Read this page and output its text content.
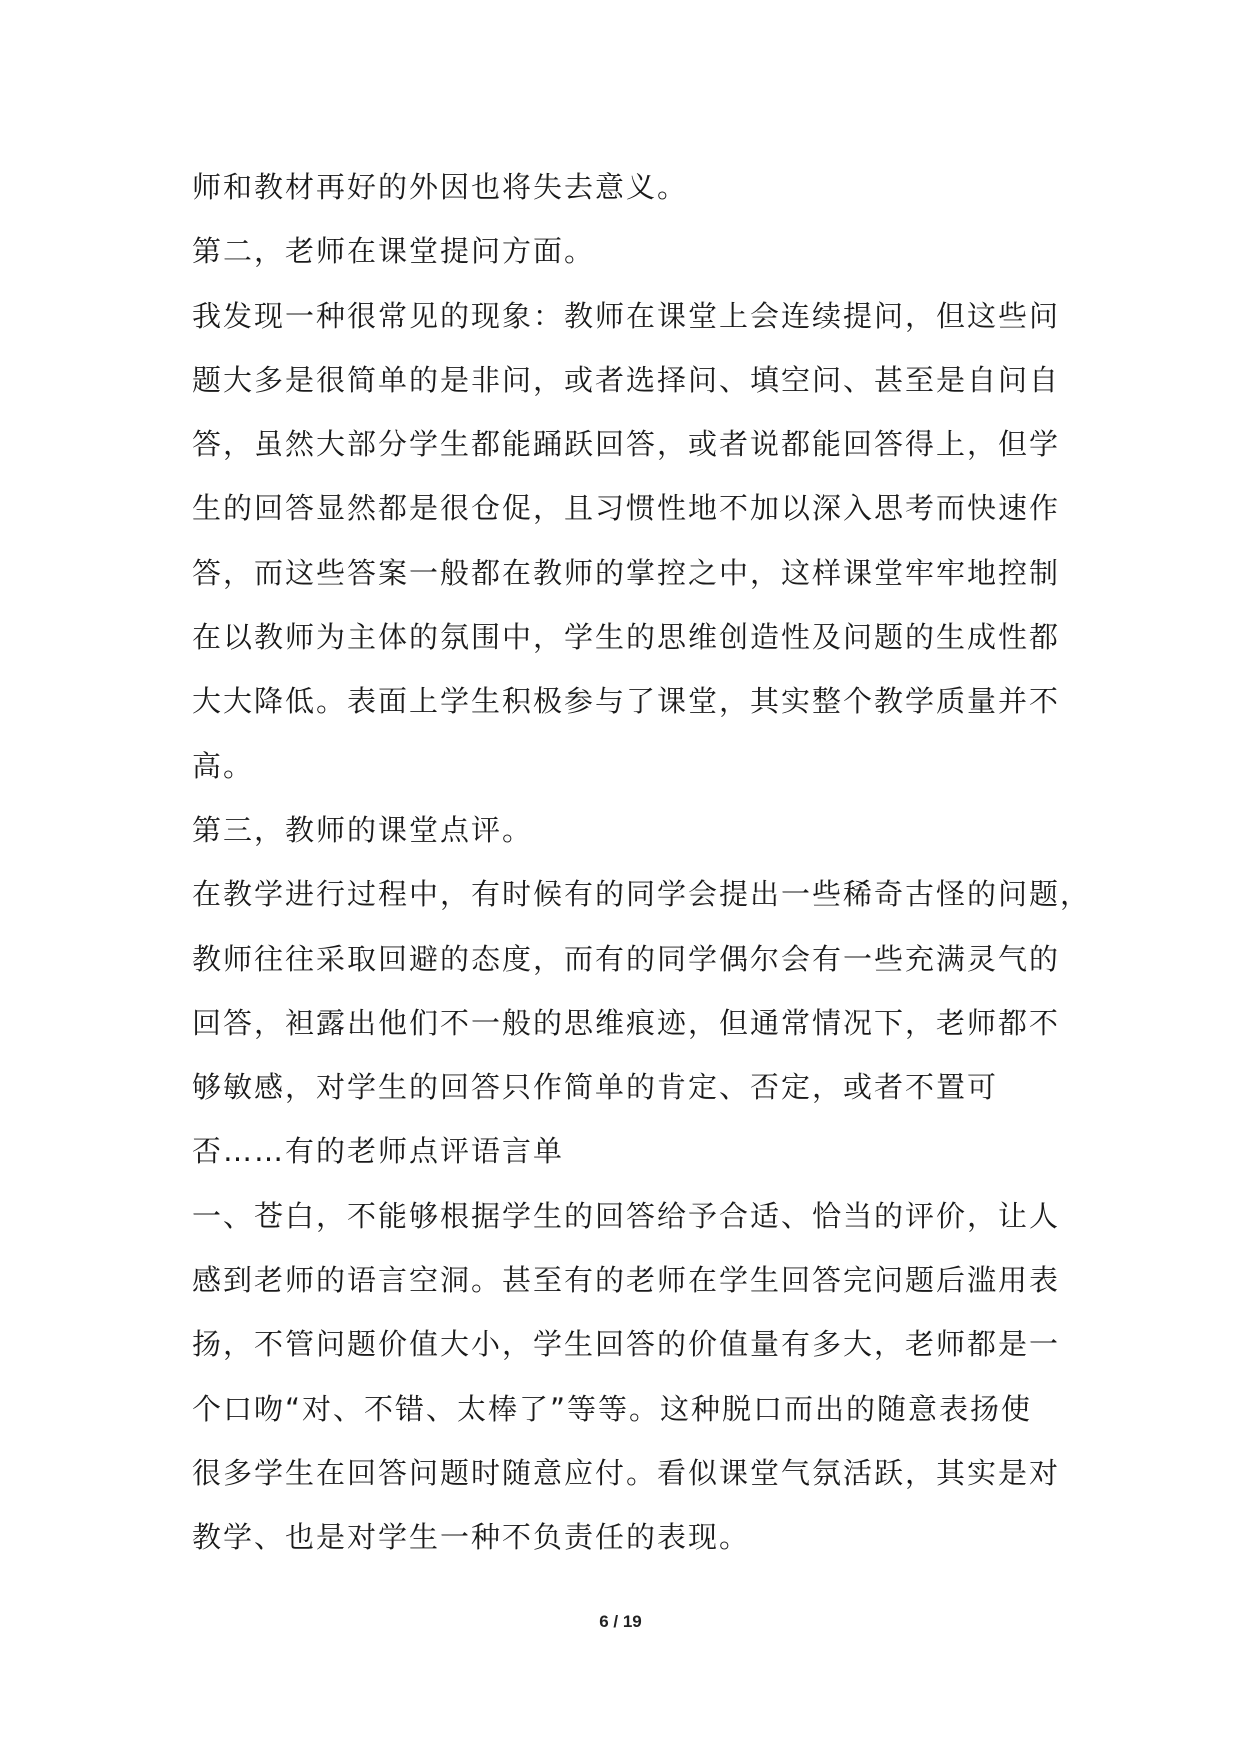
师和教材再好的外因也将失去意义。
第二，老师在课堂提问方面。
我发现一种很常见的现象：教师在课堂上会连续提问，但这些问
题大多是很简单的是非问，或者选择问、填空问、甚至是自问自
答，虽然大部分学生都能踊跃回答，或者说都能回答得上，但学
生的回答显然都是很仓促，且习惯性地不加以深入思考而快速作
答，而这些答案一般都在教师的掌控之中，这样课堂牢牢地控制
在以教师为主体的氛围中，学生的思维创造性及问题的生成性都
大大降低。表面上学生积极参与了课堂，其实整个教学质量并不
高。
第三，教师的课堂点评。
在教学进行过程中，有时候有的同学会提出一些稀奇古怪的问题，
教师往往采取回避的态度，而有的同学偶尔会有一些充满灵气的
回答，袒露出他们不一般的思维痕迹，但通常情况下，老师都不
够敏感，对学生的回答只作简单的肯定、否定，或者不置可
否……有的老师点评语言单
一、苍白，不能够根据学生的回答给予合适、恰当的评价，让人
感到老师的语言空洞。甚至有的老师在学生回答完问题后滥用表
扬，不管问题价值大小，学生回答的价值量有多大，老师都是一
个口吻“对、不错、太棒了”等等。这种脱口而出的随意表扬使
很多学生在回答问题时随意应付。看似课堂气氛活跃，其实是对
教学、也是对学生一种不负责任的表现。
6 / 19
